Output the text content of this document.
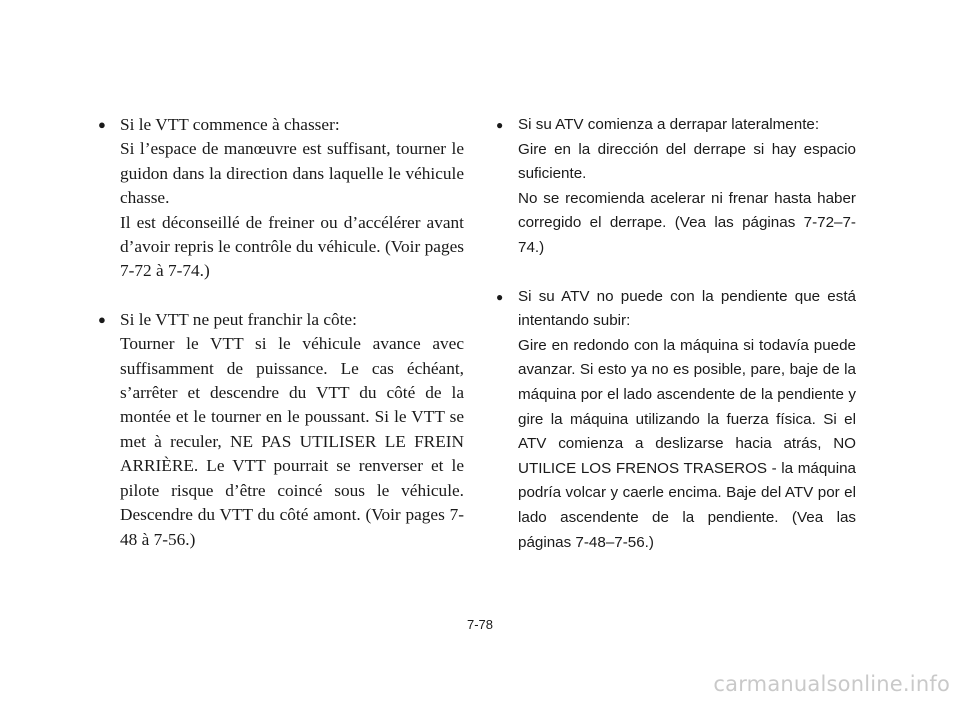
● Si le VTT commence à chasser:
Si l’espace de manœuvre est suffisant, tourner le guidon dans la direction dans laquelle le véhicule chasse.
Il est déconseillé de freiner ou d’accélérer avant d’avoir repris le contrôle du véhicule. (Voir pages 7-72 à 7-74.)
● Si le VTT ne peut franchir la côte:
Tourner le VTT si le véhicule avance avec suffisamment de puissance. Le cas échéant, s’arrêter et descendre du VTT du côté de la montée et le tourner en le poussant. Si le VTT se met à reculer, NE PAS UTILISER LE FREIN ARRIÈRE. Le VTT pourrait se renverser et le pilote risque d’être coincé sous le véhicule. Descendre du VTT du côté amont. (Voir pages 7-48 à 7-56.)
● Si su ATV comienza a derrapar lateralmente:
Gire en la dirección del derrape si hay espacio suficiente.
No se recomienda acelerar ni frenar hasta haber corregido el derrape. (Vea las páginas 7-72–7-74.)
● Si su ATV no puede con la pendiente que está intentando subir:
Gire en redondo con la máquina si todavía puede avanzar. Si esto ya no es posible, pare, baje de la máquina por el lado ascendente de la pendiente y gire la máquina utilizando la fuerza física. Si el ATV comienza a deslizarse hacia atrás, NO UTILICE LOS FRENOS TRASEROS - la máquina podría volcar y caerle encima. Baje del ATV por el lado ascendente de la pendiente. (Vea las páginas 7-48–7-56.)
7-78
carmanualsonline.info
